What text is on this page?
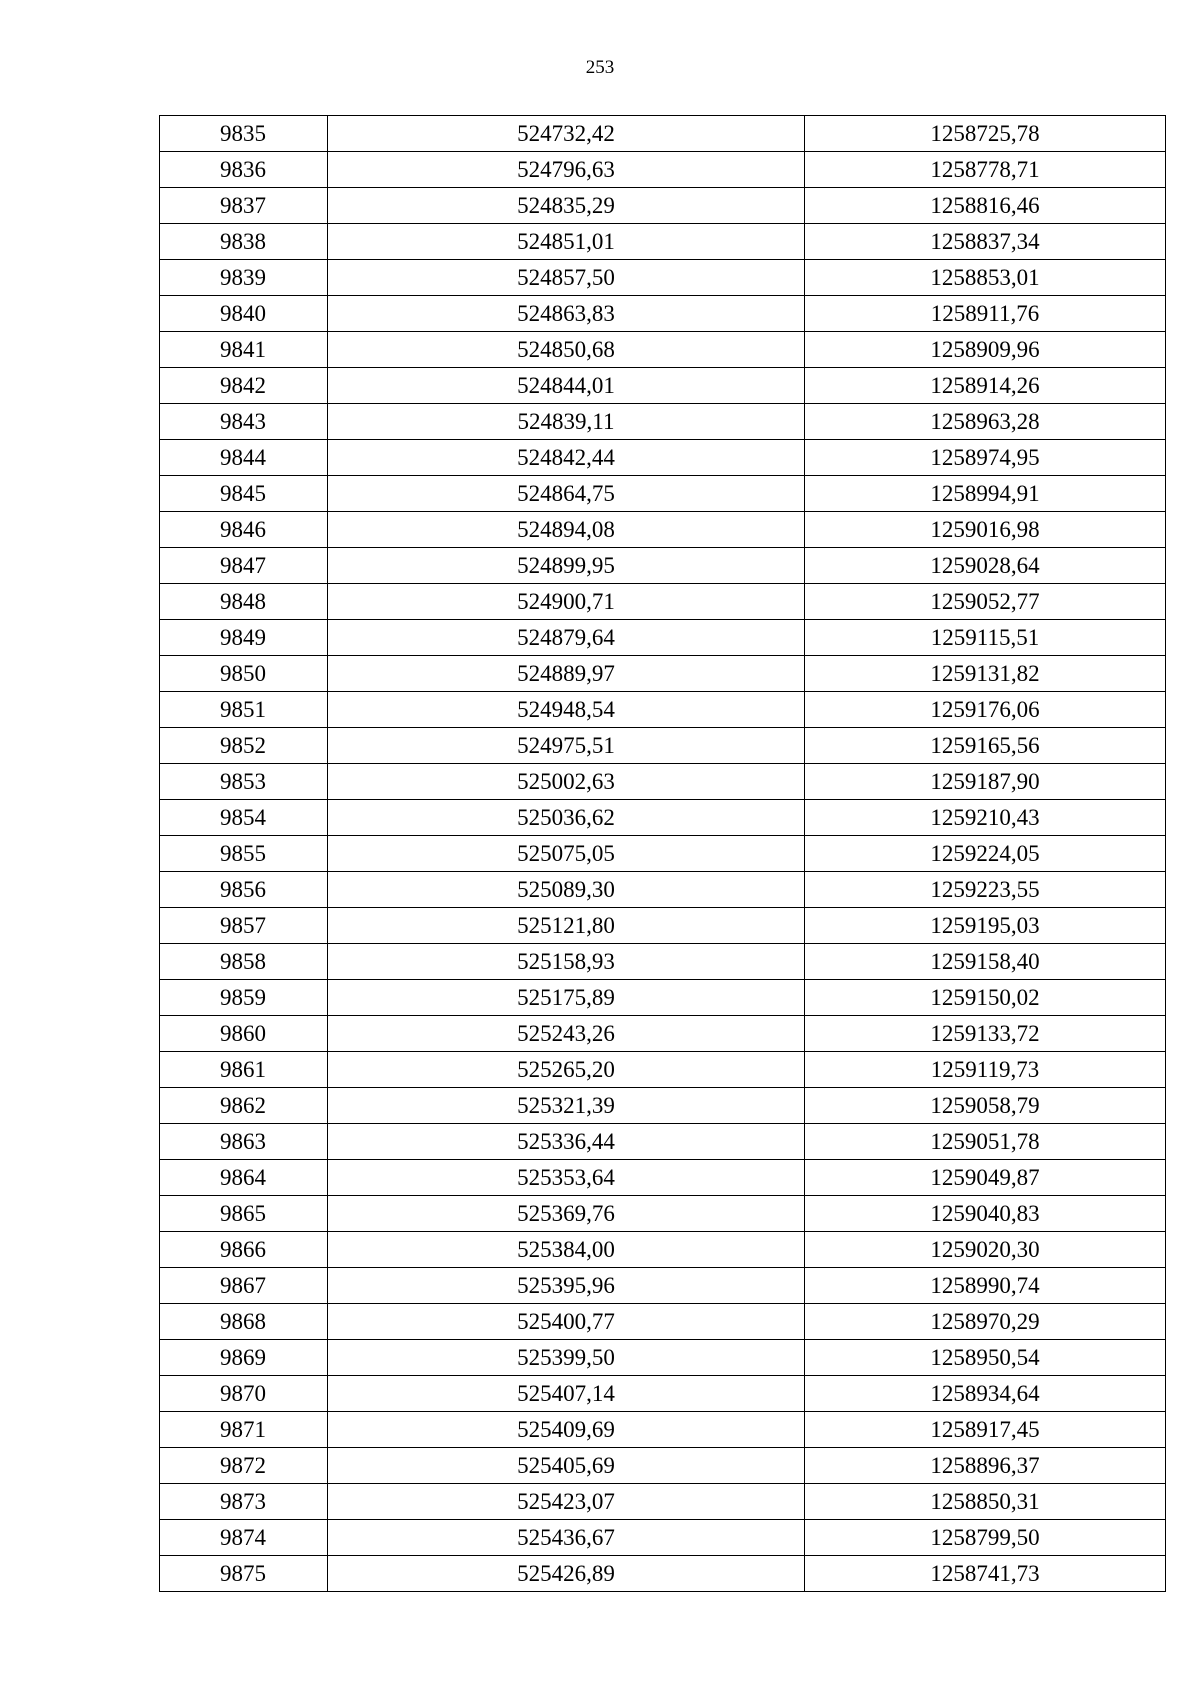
253
9835	524732,42	1258725,78
9836	524796,63	1258778,71
9837	524835,29	1258816,46
9838	524851,01	1258837,34
9839	524857,50	1258853,01
9840	524863,83	1258911,76
9841	524850,68	1258909,96
9842	524844,01	1258914,26
9843	524839,11	1258963,28
9844	524842,44	1258974,95
9845	524864,75	1258994,91
9846	524894,08	1259016,98
9847	524899,95	1259028,64
9848	524900,71	1259052,77
9849	524879,64	1259115,51
9850	524889,97	1259131,82
9851	524948,54	1259176,06
9852	524975,51	1259165,56
9853	525002,63	1259187,90
9854	525036,62	1259210,43
9855	525075,05	1259224,05
9856	525089,30	1259223,55
9857	525121,80	1259195,03
9858	525158,93	1259158,40
9859	525175,89	1259150,02
9860	525243,26	1259133,72
9861	525265,20	1259119,73
9862	525321,39	1259058,79
9863	525336,44	1259051,78
9864	525353,64	1259049,87
9865	525369,76	1259040,83
9866	525384,00	1259020,30
9867	525395,96	1258990,74
9868	525400,77	1258970,29
9869	525399,50	1258950,54
9870	525407,14	1258934,64
9871	525409,69	1258917,45
9872	525405,69	1258896,37
9873	525423,07	1258850,31
9874	525436,67	1258799,50
9875	525426,89	1258741,73
